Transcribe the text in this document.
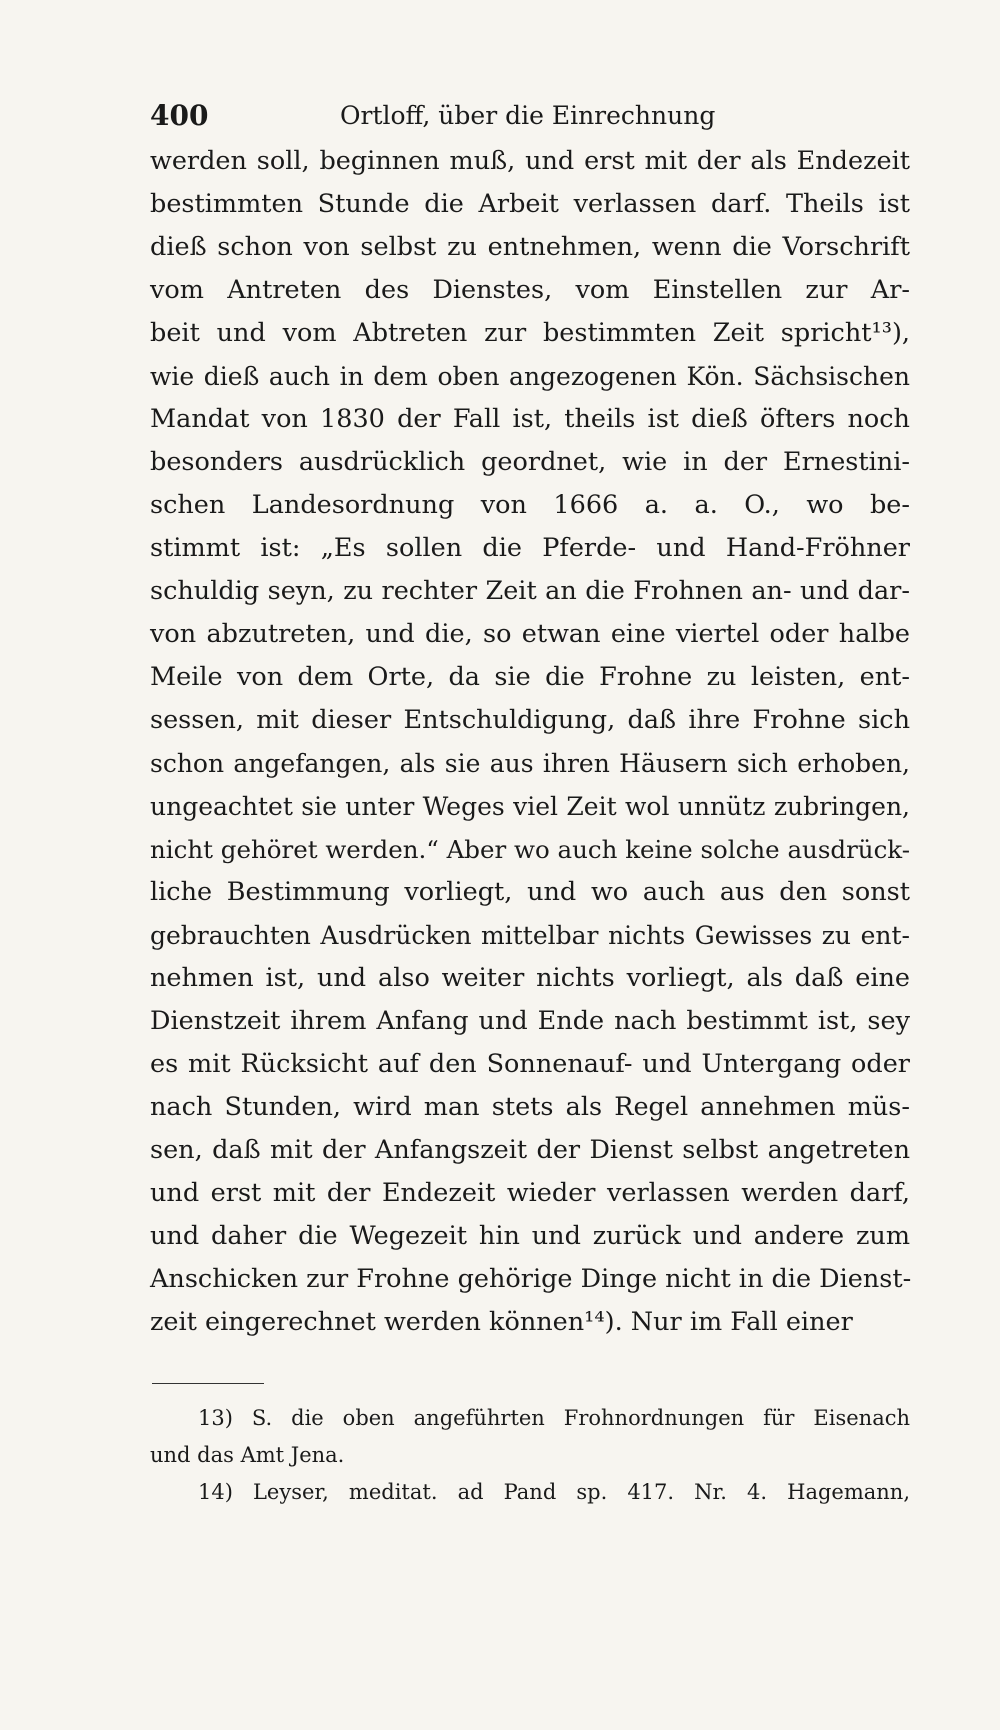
400	Ortloff, über die Einrechnung
werden soll, beginnen muß, und erst mit der als Endezeit
bestimmten Stunde die Arbeit verlassen darf. Theils ist
dieß schon von selbst zu entnehmen, wenn die Vorschrift
vom Antreten des Dienstes, vom Einstellen zur Ar-
beit und vom Abtreten zur bestimmten Zeit spricht¹³),
wie dieß auch in dem oben angezogenen Kön. Sächsischen
Mandat von 1830 der Fall ist, theils ist dieß öfters noch
besonders ausdrücklich geordnet, wie in der Ernestini-
schen Landesordnung von 1666 a. a. O., wo be-
stimmt ist: „Es sollen die Pferde- und Hand-Fröhner
schuldig seyn, zu rechter Zeit an die Frohnen an- und dar-
von abzutreten, und die, so etwan eine viertel oder halbe
Meile von dem Orte, da sie die Frohne zu leisten, ent-
sessen, mit dieser Entschuldigung, daß ihre Frohne sich
schon angefangen, als sie aus ihren Häusern sich erhoben,
ungeachtet sie unter Weges viel Zeit wol unnütz zubringen,
nicht gehöret werden.“ Aber wo auch keine solche ausdrück-
liche Bestimmung vorliegt, und wo auch aus den sonst
gebrauchten Ausdrücken mittelbar nichts Gewisses zu ent-
nehmen ist, und also weiter nichts vorliegt, als daß eine
Dienstzeit ihrem Anfang und Ende nach bestimmt ist, sey
es mit Rücksicht auf den Sonnenauf- und Untergang oder
nach Stunden, wird man stets als Regel annehmen müs-
sen, daß mit der Anfangszeit der Dienst selbst angetreten
und erst mit der Endezeit wieder verlassen werden darf,
und daher die Wegezeit hin und zurück und andere zum
Anschicken zur Frohne gehörige Dinge nicht in die Dienst-
zeit eingerechnet werden können¹⁴). Nur im Fall einer
13) S. die oben angeführten Frohnordnungen für Eisenach
und das Amt Jena.
14) Leyser, meditat. ad Pand sp. 417. Nr. 4. Hagemann,
